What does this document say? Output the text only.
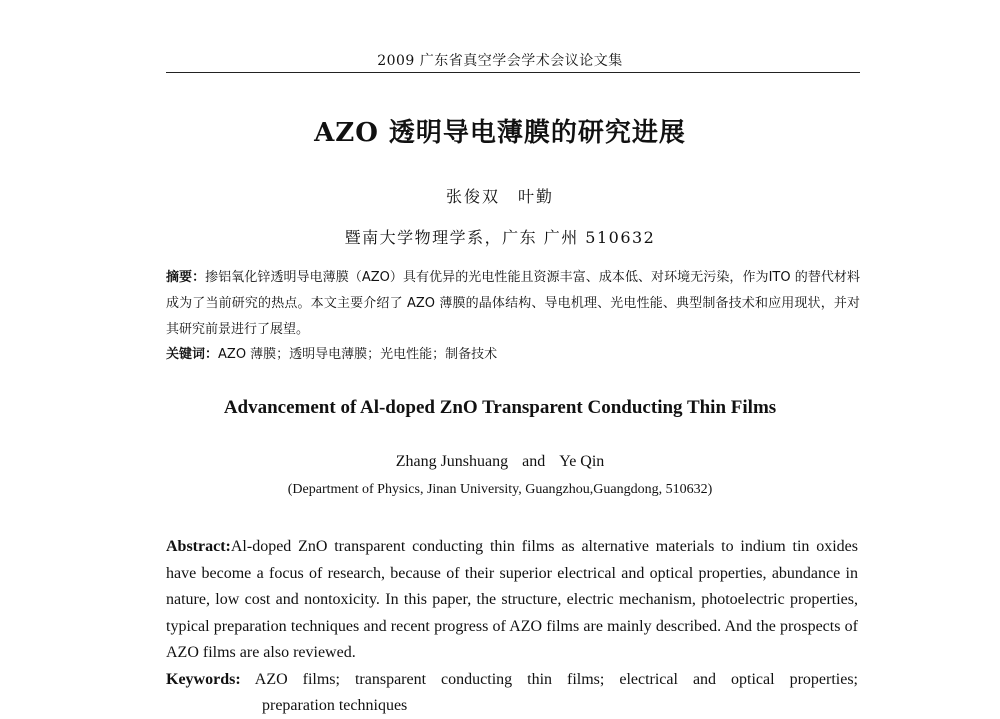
2009 广东省真空学会学术会议论文集
AZO 透明导电薄膜的研究进展
张俊双　叶勤
暨南大学物理学系，广东 广州 510632
摘要：掺铝氧化锌透明导电薄膜（AZO）具有优异的光电性能且资源丰富、成本低、对环境无污染，作为ITO 的替代材料成为了当前研究的热点。本文主要介绍了 AZO 薄膜的晶体结构、导电机理、光电性能、典型制备技术和应用现状，并对其研究前景进行了展望。
关键词：AZO 薄膜；透明导电薄膜；光电性能；制备技术
Advancement of Al-doped ZnO Transparent Conducting Thin Films
Zhang Junshuang and Ye Qin
(Department of Physics, Jinan University, Guangzhou,Guangdong, 510632)
Abstract:Al-doped ZnO transparent conducting thin films as alternative materials to indium tin oxides have become a focus of research, because of their superior electrical and optical properties, abundance in nature, low cost and nontoxicity. In this paper, the structure, electric mechanism, photoelectric properties, typical preparation techniques and recent progress of AZO films are mainly described. And the prospects of AZO films are also reviewed.
Keywords: AZO films; transparent conducting thin films; electrical and optical properties;
preparation techniques
